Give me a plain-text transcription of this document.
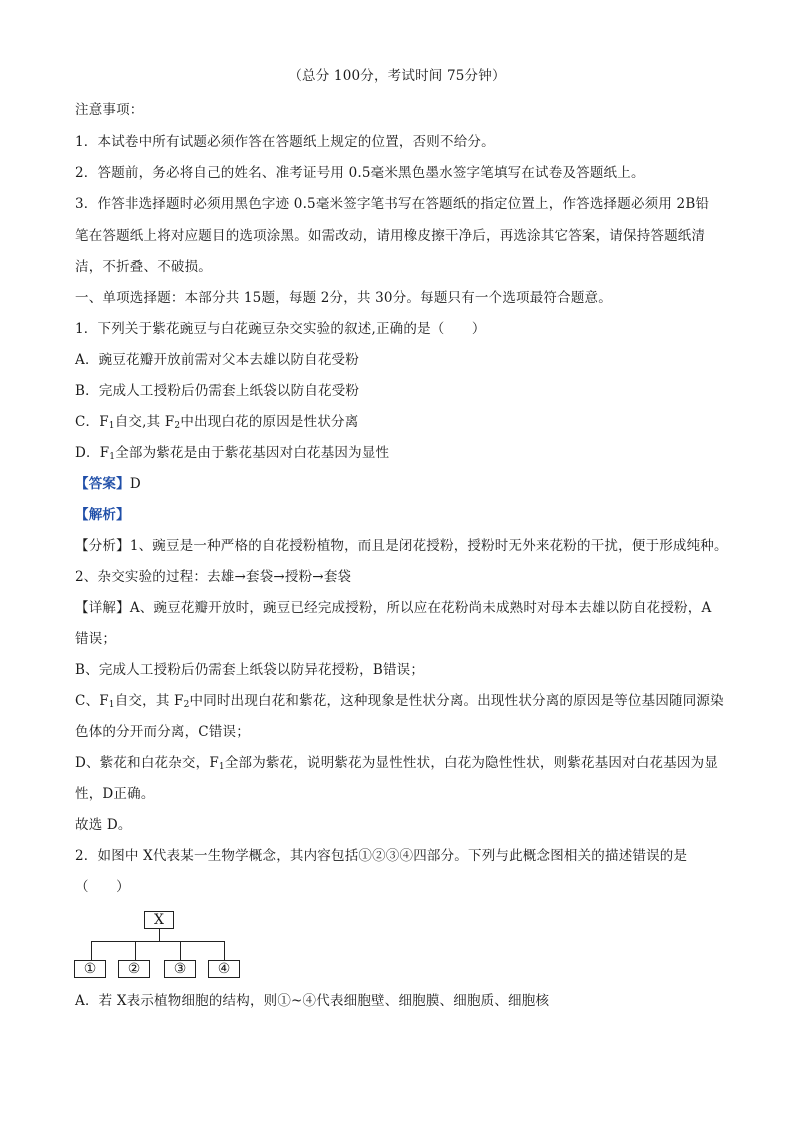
（总分 100分，考试时间 75分钟）
注意事项：
1．本试卷中所有试题必须作答在答题纸上规定的位置，否则不给分。
2．答题前，务必将自己的姓名、准考证号用 0.5毫米黑色墨水签字笔填写在试卷及答题纸上。
3．作答非选择题时必须用黑色字迹 0.5毫米签字笔书写在答题纸的指定位置上，作答选择题必须用 2B铅
笔在答题纸上将对应题目的选项涂黑。如需改动，请用橡皮擦干净后，再选涂其它答案，请保持答题纸清
洁，不折叠、不破损。
一、单项选择题：本部分共 15题，每题 2分，共 30分。每题只有一个选项最符合题意。
1．下列关于紫花豌豆与白花豌豆杂交实验的叙述,正确的是（　　）
A．豌豆花瓣开放前需对父本去雄以防自花受粉
B．完成人工授粉后仍需套上纸袋以防自花受粉
C．$F_1$自交,其 $F_2$中出现白花的原因是性状分离
D．$F_1$全部为紫花是由于紫花基因对白花基因为显性
【答案】D
【解析】
【分析】1、豌豆是一种严格的自花授粉植物，而且是闭花授粉，授粉时无外来花粉的干扰，便于形成纯种。
2、杂交实验的过程：去雄→套袋→授粉→套袋
【详解】A、豌豆花瓣开放时，豌豆已经完成授粉，所以应在花粉尚未成熟时对母本去雄以防自花授粉，A
错误；
B、完成人工授粉后仍需套上纸袋以防异花授粉，B错误；
C、$F_1$自交，其 $F_2$中同时出现白花和紫花，这种现象是性状分离。出现性状分离的原因是等位基因随同源染
色体的分开而分离，C错误；
D、紫花和白花杂交，$F_1$全部为紫花，说明紫花为显性性状，白花为隐性性状，则紫花基因对白花基因为显
性，D正确。
故选 D。
2．如图中 X代表某一生物学概念，其内容包括①②③④四部分。下列与此概念图相关的描述错误的是
（　　）
X
①	②	③	④
A．若 X表示植物细胞的结构，则①~④代表细胞壁、细胞膜、细胞质、细胞核
